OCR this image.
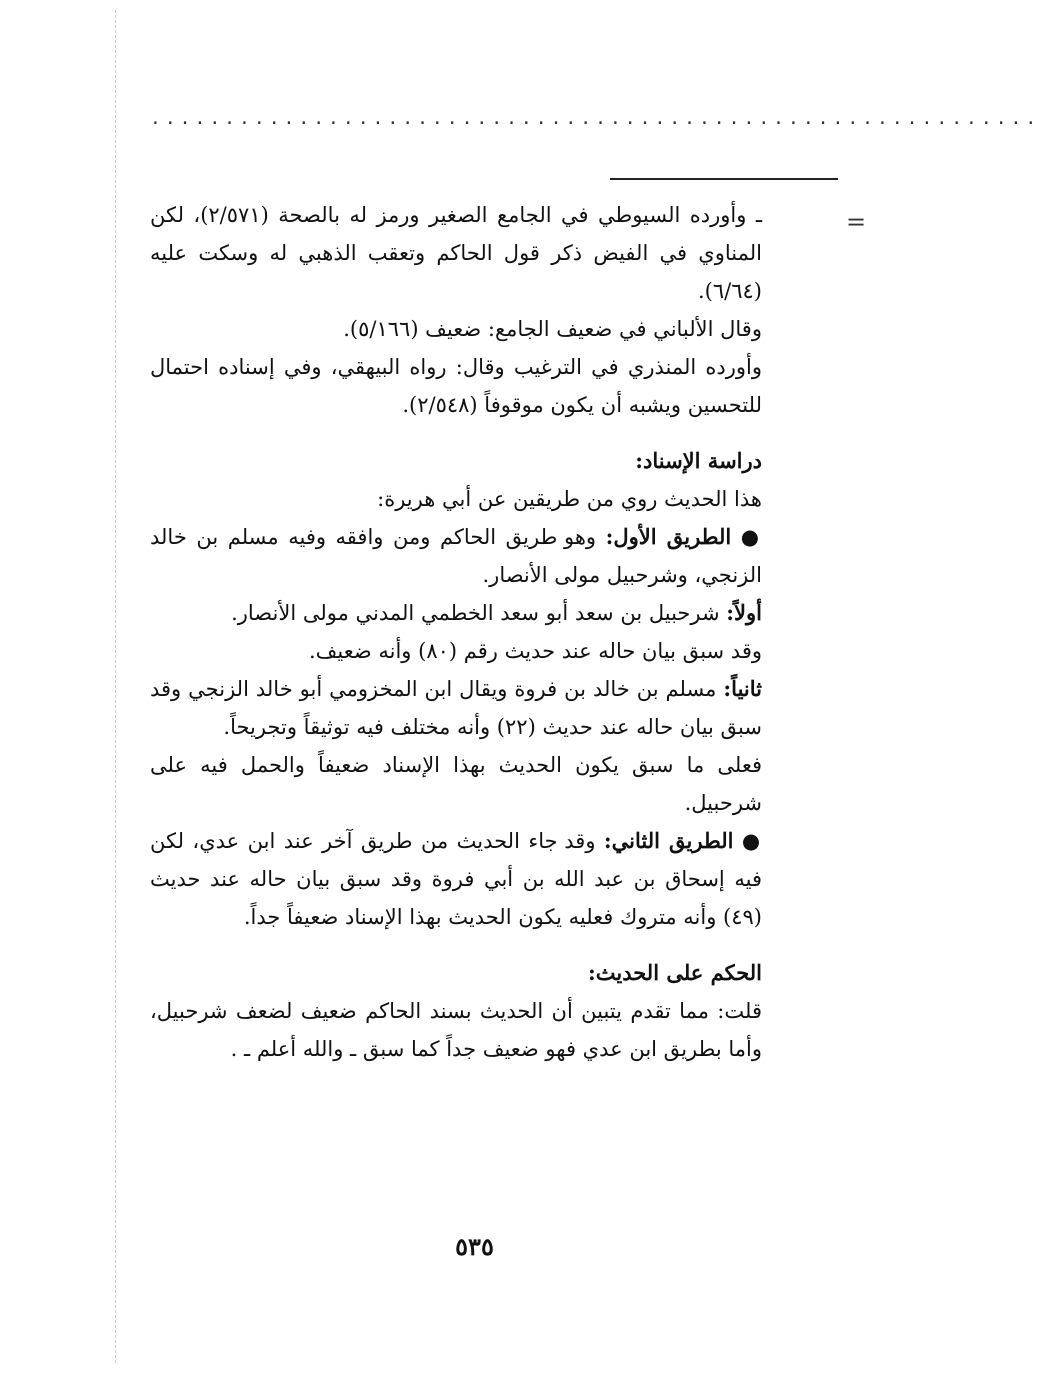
............................................................
=

ـ وأورده السيوطي في الجامع الصغير ورمز له بالصحة (٢/٥٧١)، لكن المناوي في الفيض ذكر قول الحاكم وتعقب الذهبي له وسكت عليه (٦/٦٤).

وقال الألباني في ضعيف الجامع: ضعيف (٥/١٦٦).

وأورده المنذري في الترغيب وقال: رواه البيهقي، وفي إسناده احتمال للتحسين ويشبه أن يكون موقوفاً (٢/٥٤٨).

دراسة الإسناد:

هذا الحديث روي من طريقين عن أبي هريرة:

● الطريق الأول: وهو طريق الحاكم ومن وافقه وفيه مسلم بن خالد الزنجي، وشرحبيل مولى الأنصار.

أولاً: شرحبيل بن سعد أبو سعد الخطمي المدني مولى الأنصار.

وقد سبق بيان حاله عند حديث رقم (٨٠) وأنه ضعيف.

ثانياً: مسلم بن خالد بن فروة ويقال ابن المخزومي أبو خالد الزنجي وقد سبق بيان حاله عند حديث (٢٢) وأنه مختلف فيه توثيقاً وتجريحاً.

فعلى ما سبق يكون الحديث بهذا الإسناد ضعيفاً والحمل فيه على شرحبيل.

● الطريق الثاني: وقد جاء الحديث من طريق آخر عند ابن عدي، لكن فيه إسحاق بن عبد الله بن أبي فروة وقد سبق بيان حاله عند حديث (٤٩) وأنه متروك فعليه يكون الحديث بهذا الإسناد ضعيفاً جداً.

الحكم على الحديث:

قلت: مما تقدم يتبين أن الحديث بسند الحاكم ضعيف لضعف شرحبيل، وأما بطريق ابن عدي فهو ضعيف جداً كما سبق ـ والله أعلم ـ .

٥٣٥
